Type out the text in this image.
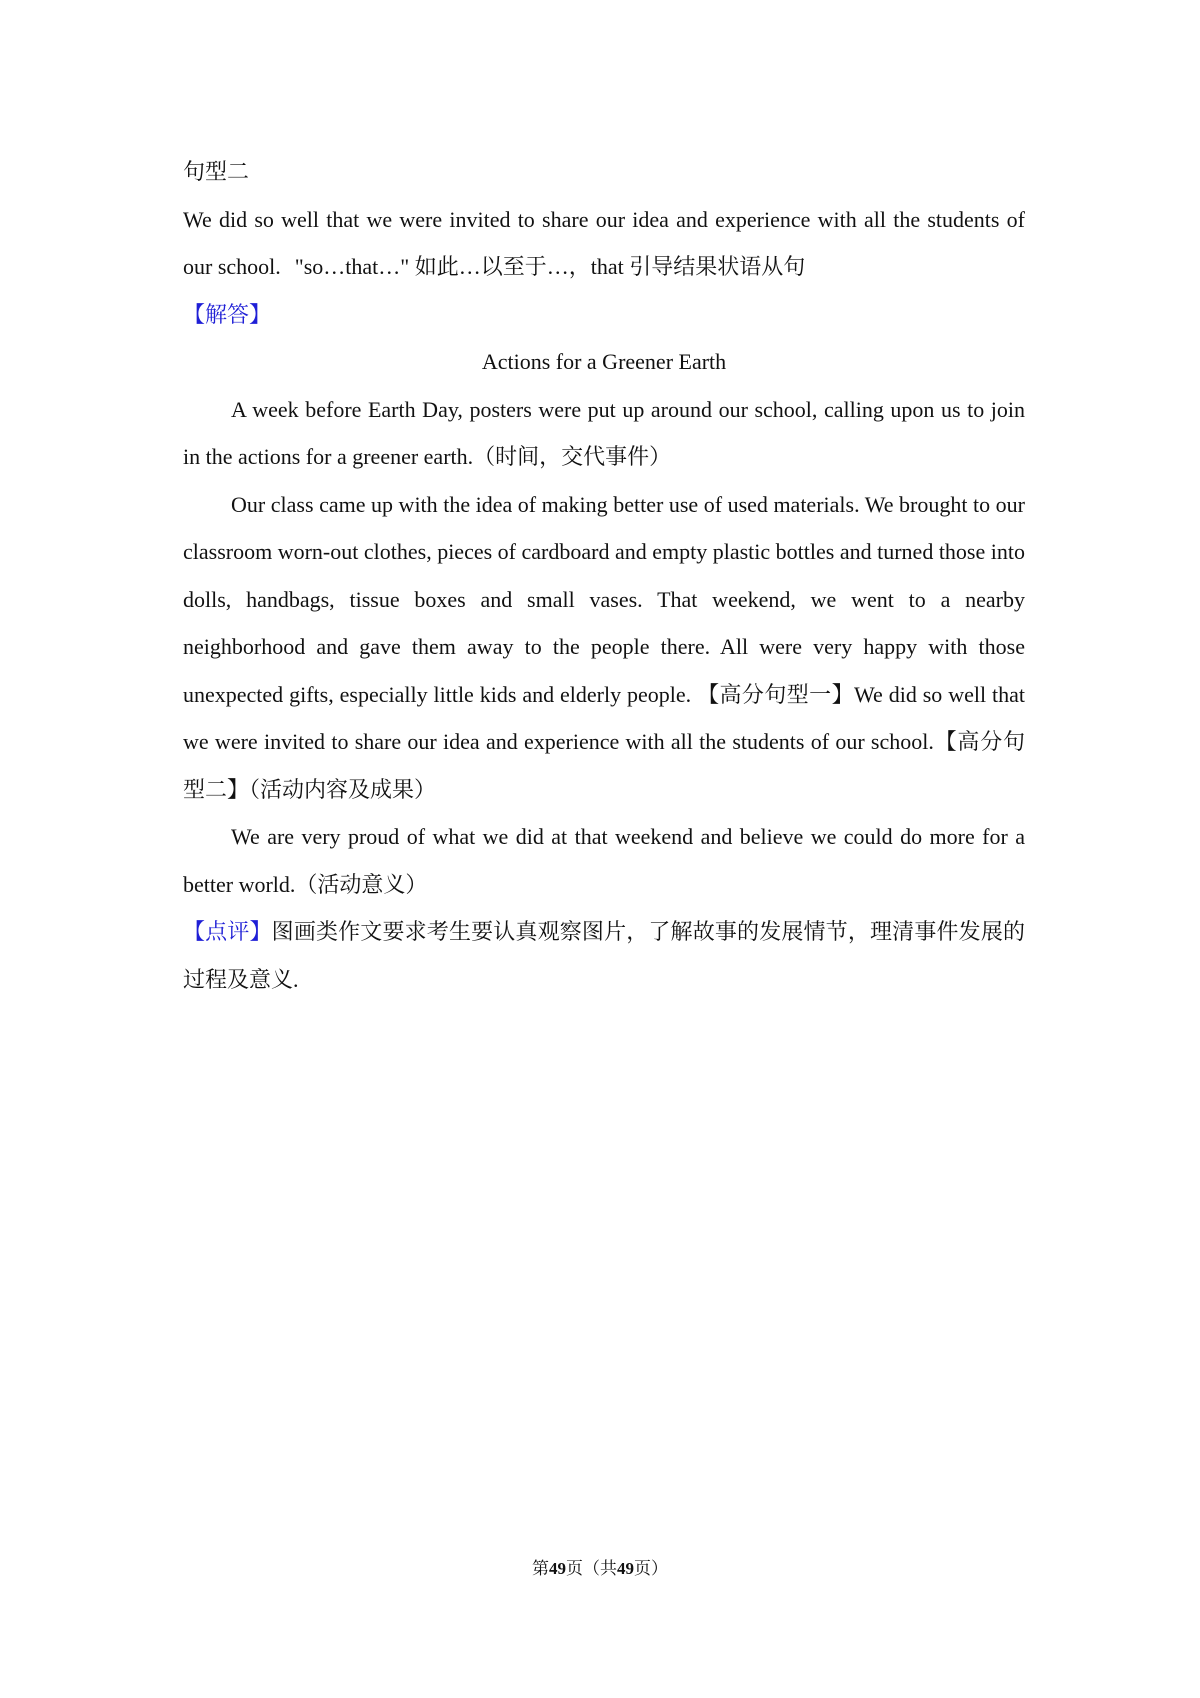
句型二

We did so well that we were invited to share our idea and experience with all the students of our school. "so…that…" 如此…以至于…，that 引导结果状语从句

【解答】

Actions for a Greener Earth

A week before Earth Day, posters were put up around our school, calling upon us to join in the actions for a greener earth.（时间，交代事件）

Our class came up with the idea of making better use of used materials. We brought to our classroom worn-out clothes, pieces of cardboard and empty plastic bottles and turned those into dolls, handbags, tissue boxes and small vases. That weekend, we went to a nearby neighborhood and gave them away to the people there. All were very happy with those unexpected gifts, especially little kids and elderly people. 【高分句型一】We did so well that we were invited to share our idea and experience with all the students of our school.【高分句型二】（活动内容及成果）

We are very proud of what we did at that weekend and believe we could do more for a better world.（活动意义）

【点评】图画类作文要求考生要认真观察图片，了解故事的发展情节，理清事件发展的过程及意义.

第49页（共49页）
